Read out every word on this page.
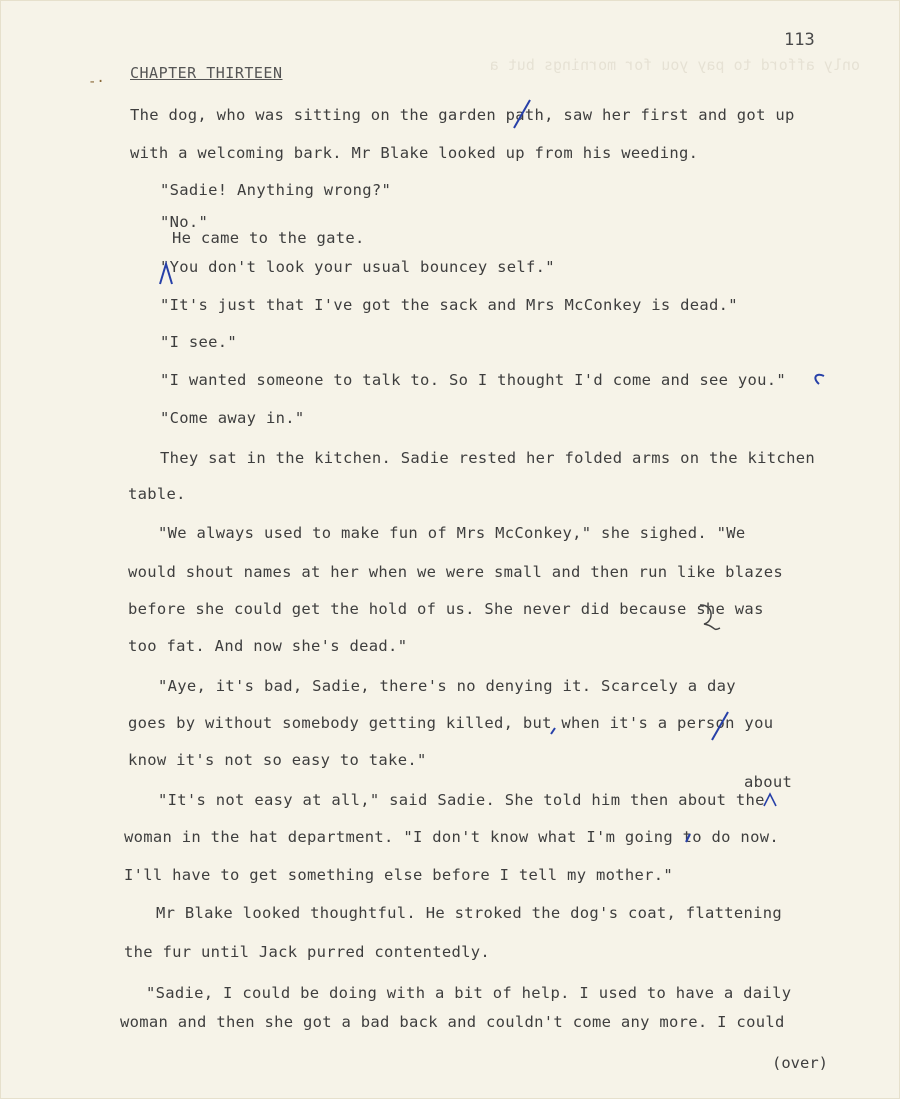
only afford to pay you for mornings but a
113
-· CHAPTER THIRTEEN
The dog, who was sitting on the garden path, saw her first and got up
with a welcoming bark. Mr Blake looked up from his weeding.
"Sadie! Anything wrong?"
"No."
He came to the gate.
"You don't look your usual bouncey self."
"It's just that I've got the sack and Mrs McConkey is dead."
"I see."
"I wanted someone to talk to. So I thought I'd come and see you."
"Come away in."
They sat in the kitchen. Sadie rested her folded arms on the kitchen
table.
"We always used to make fun of Mrs McConkey," she sighed. "We
would shout names at her when we were small and then run like blazes
before she could get the hold of us. She never did because she was
too fat. And now she's dead."
"Aye, it's bad, Sadie, there's no denying it. Scarcely a day
goes by without somebody getting killed, but when it's a person you
know it's not so easy to take."
about
"It's not easy at all," said Sadie. She told him then about the
woman in the hat department. "I don't know what I'm going to do now.
I'll have to get something else before I tell my mother."
Mr Blake looked thoughtful. He stroked the dog's coat, flattening
the fur until Jack purred contentedly.
"Sadie, I could be doing with a bit of help. I used to have a daily
woman and then she got a bad back and couldn't come any more. I could
(over)
